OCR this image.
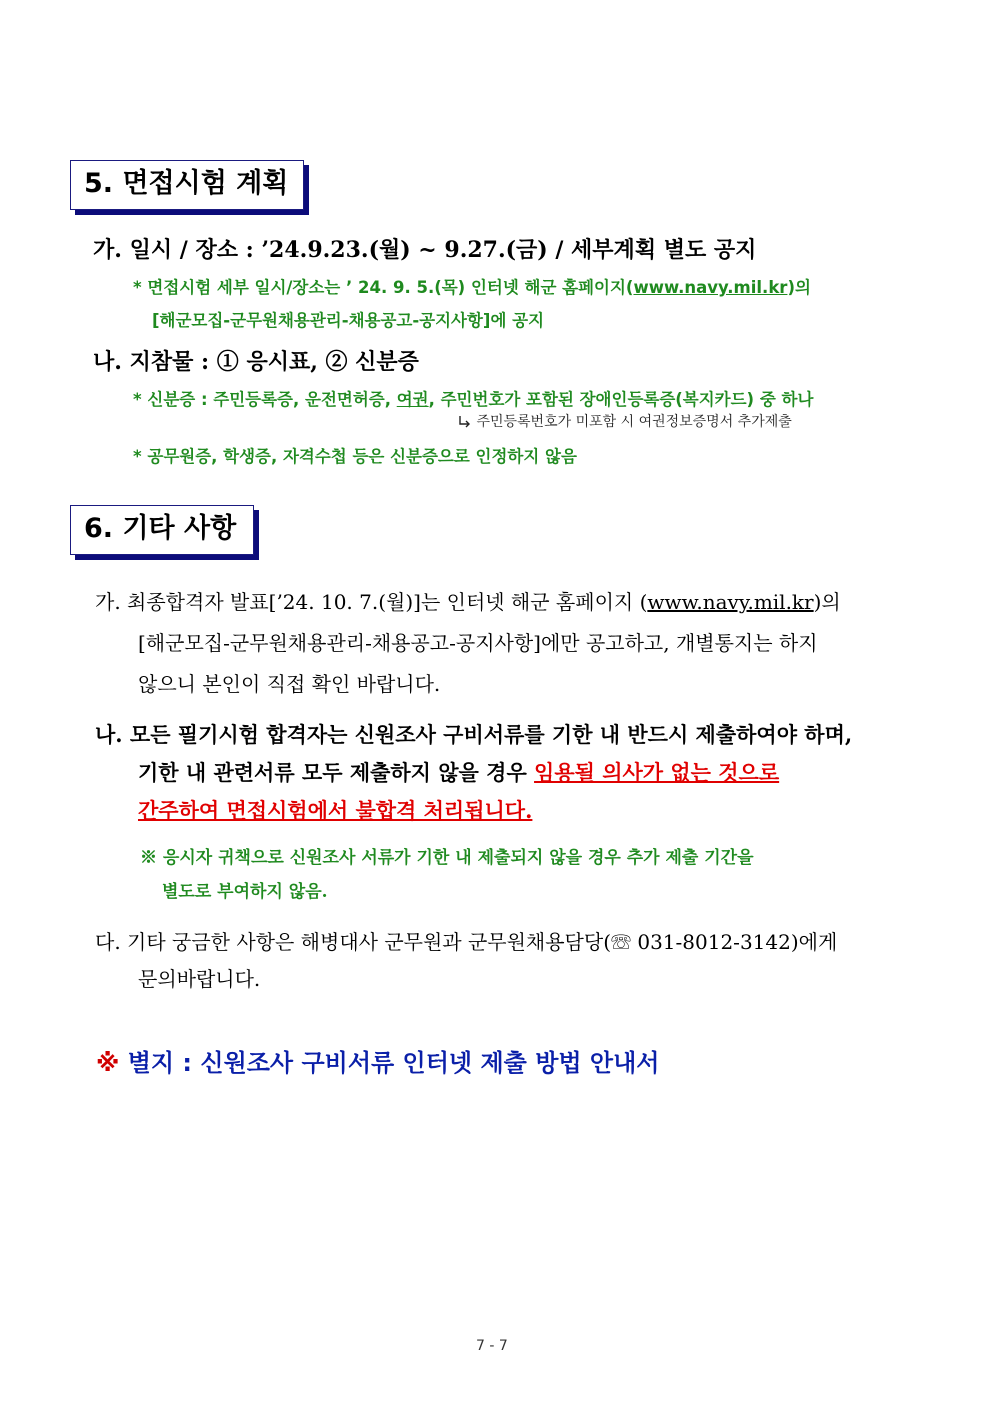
5. 면접시험 계획
가. 일시 / 장소 : ’24.9.23.(월) ~ 9.27.(금) / 세부계획 별도 공지
* 면접시험 세부 일시/장소는 ’ 24. 9. 5.(목) 인터넷 해군 홈페이지(www.navy.mil.kr)의
[해군모집-군무원채용관리-채용공고-공지사항]에 공지
나. 지참물 : ① 응시표, ② 신분증
* 신분증 : 주민등록증, 운전면허증, 여권, 주민번호가 포함된 장애인등록증(복지카드) 중 하나
주민등록번호가 미포함 시 여권정보증명서 추가제출
* 공무원증, 학생증, 자격수첩 등은 신분증으로 인정하지 않음
6. 기타 사항
가. 최종합격자 발표[’24. 10. 7.(월)]는 인터넷 해군 홈페이지 (www.navy.mil.kr)의
[해군모집-군무원채용관리-채용공고-공지사항]에만 공고하고, 개별통지는 하지
않으니 본인이 직접 확인 바랍니다.
나. 모든 필기시험 합격자는 신원조사 구비서류를 기한 내 반드시 제출하여야 하며,
기한 내 관련서류 모두 제출하지 않을 경우 임용될 의사가 없는 것으로
간주하여 면접시험에서 불합격 처리됩니다.
※ 응시자 귀책으로 신원조사 서류가 기한 내 제출되지 않을 경우 추가 제출 기간을
별도로 부여하지 않음.
다. 기타 궁금한 사항은 해병대사 군무원과 군무원채용담당(☏ 031-8012-3142)에게
문의바랍니다.
※ 별지 : 신원조사 구비서류 인터넷 제출 방법 안내서
7 - 7
